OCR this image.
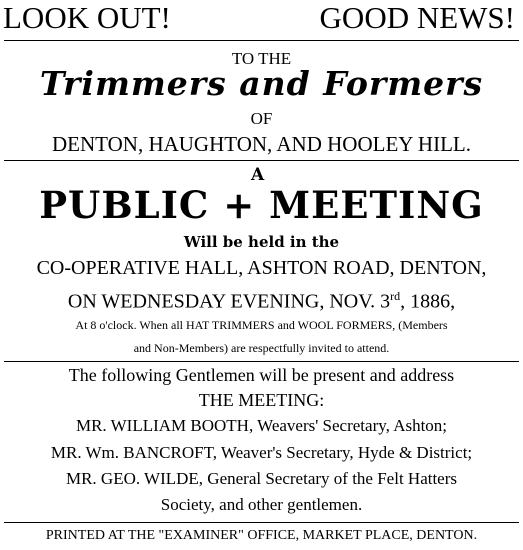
LOOK OUT!	GOOD NEWS!
TO THE
Trimmers and Formers
OF
DENTON, HAUGHTON, AND HOOLEY HILL.
A
PUBLIC + MEETING
Will be held in the
CO-OPERATIVE HALL, ASHTON ROAD, DENTON,
ON WEDNESDAY EVENING, NOV. 3rd, 1886,
At 8 o'clock. When all HAT TRIMMERS and WOOL FORMERS, (Members
and Non-Members) are respectfully invited to attend.
The following Gentlemen will be present and address
THE MEETING:
MR. WILLIAM BOOTH, Weavers' Secretary, Ashton;
MR. Wm. BANCROFT, Weaver's Secretary, Hyde & District;
MR. GEO. WILDE, General Secretary of the Felt Hatters
Society, and other gentlemen.
PRINTED AT THE "EXAMINER" OFFICE, MARKET PLACE, DENTON.
